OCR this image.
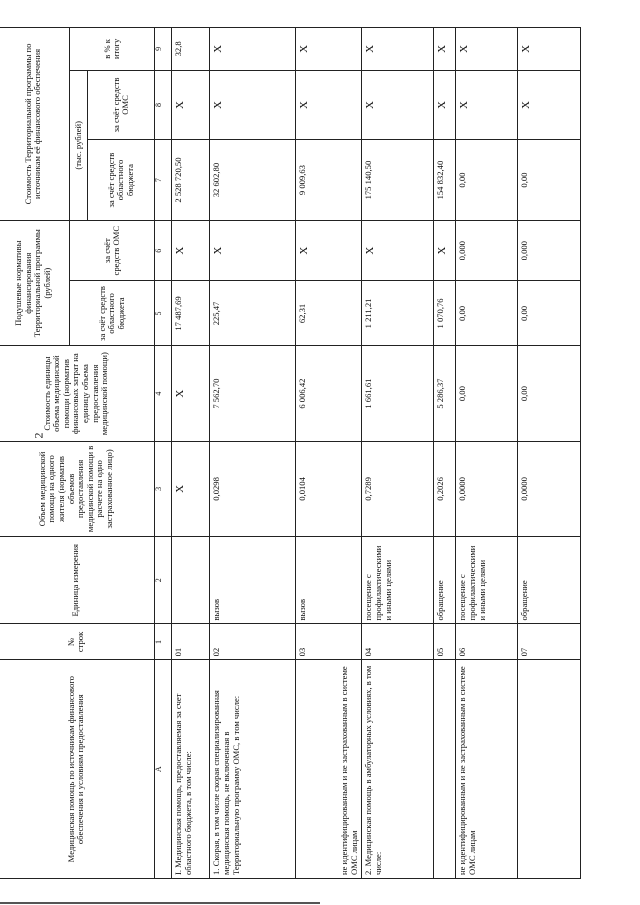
2
Медицинская помощь по источникам финансового обеспечения и условиям предоставления	№ строк	Единица измерения	Объем медицинской помощи на одного жителя (норматив объемов предоставления медицинской помощи в расчете на одно застрахованное лицо)	Стоимость единицы объема медицинской помощи (норматив финансовых затрат на единицу объема предоставления медицинской помощи)	Подушевые нормативы финансирования Территориальной программы
(рублей)		Стоимость Территориальной программы по источникам её финансового обеспечения		
					за счёт средств областного бюджета	за счёт средств ОМС	(тыс. рублей)		в % к итогу
							за счёт средств областного бюджета	за счёт средств ОМС	
А	1	2	3	4	5	6	7	8	9
I. Медицинская помощь, предоставляемая за счет областного бюджета, в том числе:	01		X	X	17 487,69	X	2 528 720,50	X	32,8
1. Скорая, в том числе скорая специализированная медицинская помощь, не включенная в Территориальную программу ОМС, в том числе:	02	вызов	0,0298	7 562,70	225,47	X	32 602,80	X	X
не идентифицированным и не застрахованным в системе ОМС лицам	03	вызов	0,0104	6 006,42	62,31	X	9 009,63	X	X
2. Медицинская помощь в амбулаторных условиях, в том числе:	04	посещение с профилактическими и иными целями	0,7289	1 661,61	1 211,21	X	175 140,50	X	X
	05	обращение	0,2026	5 286,37	1 070,76	X	154 832,40	X	X
не идентифицированным и не застрахованным в системе ОМС лицам	06	посещение с профилактическими и иными целями	0,0000	0,00	0,00	0,000	0,00	X	X
	07	обращение	0,0000	0,00	0,00	0,000	0,00	X	X
